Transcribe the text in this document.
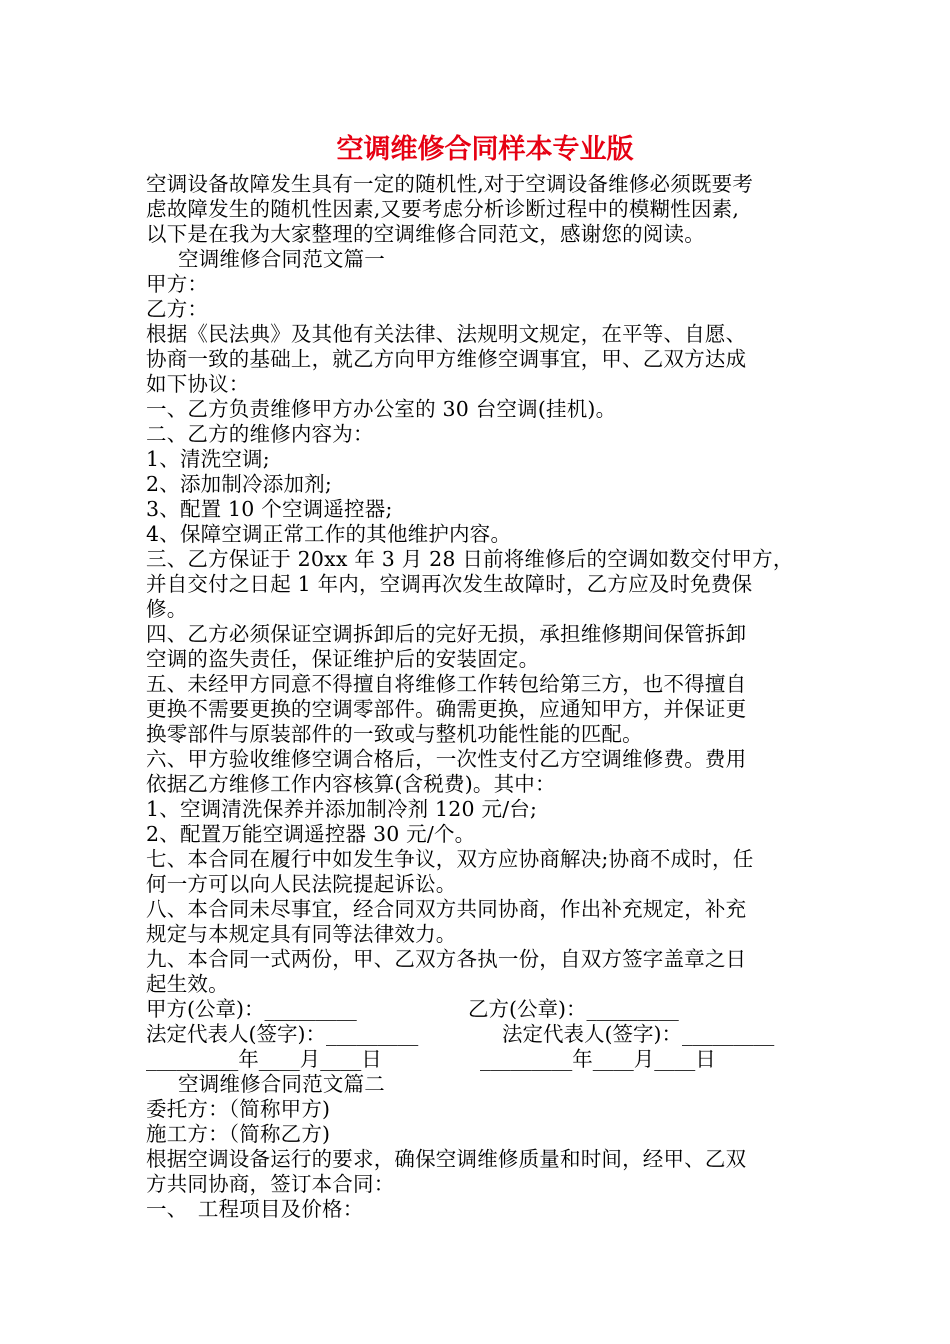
空调维修合同样本专业版
空调设备故障发生具有一定的随机性,对于空调设备维修必须既要考
虑故障发生的随机性因素,又要考虑分析诊断过程中的模糊性因素,
以下是在我为大家整理的空调维修合同范文，感谢您的阅读。
空调维修合同范文篇一
甲方：
乙方：
根据《民法典》及其他有关法律、法规明文规定，在平等、自愿、
协商一致的基础上，就乙方向甲方维修空调事宜，甲、乙双方达成
如下协议：
一、乙方负责维修甲方办公室的 30 台空调(挂机)。
二、乙方的维修内容为：
1、清洗空调;
2、添加制冷添加剂;
3、配置 10 个空调遥控器;
4、保障空调正常工作的其他维护内容。
三、乙方保证于 20xx 年 3 月 28 日前将维修后的空调如数交付甲方，
并自交付之日起 1 年内，空调再次发生故障时，乙方应及时免费保
修。
四、乙方必须保证空调拆卸后的完好无损，承担维修期间保管拆卸
空调的盗失责任，保证维护后的安装固定。
五、未经甲方同意不得擅自将维修工作转包给第三方，也不得擅自
更换不需要更换的空调零部件。确需更换，应通知甲方，并保证更
换零部件与原装部件的一致或与整机功能性能的匹配。
六、甲方验收维修空调合格后，一次性支付乙方空调维修费。费用
依据乙方维修工作内容核算(含税费)。其中：
1、空调清洗保养并添加制冷剂 120 元/台;
2、配置万能空调遥控器 30 元/个。
七、本合同在履行中如发生争议，双方应协商解决;协商不成时，任
何一方可以向人民法院提起诉讼。
八、本合同未尽事宜，经合同双方共同协商，作出补充规定，补充
规定与本规定具有同等法律效力。
九、本合同一式两份，甲、乙双方各执一份，自双方签字盖章之日
起生效。
甲方(公章)：_________	乙方(公章)：_________
法定代表人(签字)：_________	法定代表人(签字)：_________
_________年____月____日	_________年____月____日
空调维修合同范文篇二
委托方：（简称甲方)
施工方：（简称乙方)
根据空调设备运行的要求，确保空调维修质量和时间，经甲、乙双
方共同协商，签订本合同：
一、　工程项目及价格：
